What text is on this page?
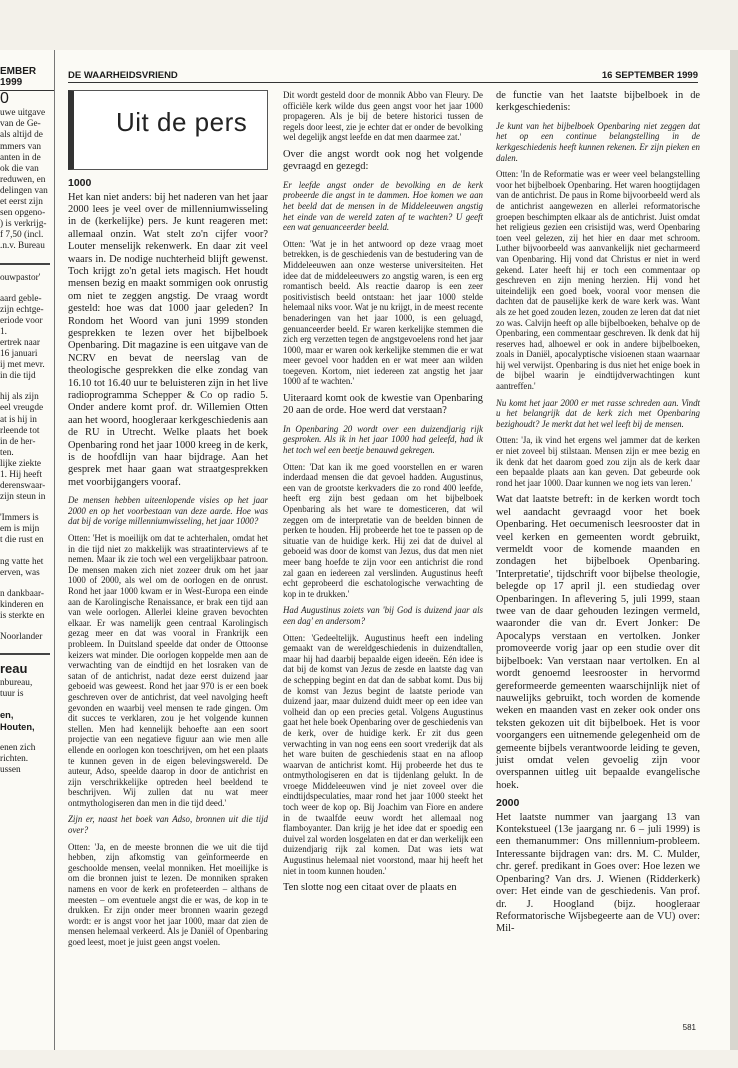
EMBER 1999
0
uwe uitgave
van de Ge-
als altijd de
mmers van
anten in de
ok die van
reduwen, en
delingen van
et eerst zijn
sen opgeno-
) is verkrijg-
f 7,50 (incl.
.n.v. Bureau
ouwpastor'
aard geble-
zijn echtge-
eriode voor
1.
ertrek naar
16 januari
ij met mevr.
in die tijd
hij als zijn
eel vreugde
at is hij in
rleende tot
in de her-
ten.
lijke ziekte
1. Hij heeft
derenswaar-
zijn steun in
'Immers is
em is mijn
t die rust en
ng vatte het
erven, was
n dankbaar-
kinderen en
is sterkte en
Noorlander
reau
nbureau,
tuur is
en,
Houten,
enen zich
richten.
ussen
DE WAARHEIDSVRIEND	16 SEPTEMBER 1999
Uit de pers
1000

Het kan niet anders: bij het naderen van het jaar 2000 lees je veel over de millenniumwisseling in de (kerkelijke) pers. Je kunt reageren met: allemaal onzin. Wat stelt zo'n cijfer voor? Louter menselijk rekenwerk. En daar zit veel waars in. De nodige nuchterheid blijft gewenst. Toch krijgt zo'n getal iets magisch. Het houdt mensen bezig en maakt sommigen ook onrustig om niet te zeggen angstig. De vraag wordt gesteld: hoe was dat 1000 jaar geleden? In Rondom het Woord van juni 1999 stonden gesprekken te lezen over het bijbelboek Openbaring. Dit magazine is een uitgave van de NCRV en bevat de neerslag van de theologische gesprekken die elke zondag van 16.10 tot 16.40 uur te beluisteren zijn in het live radioprogramma Schepper & Co op radio 5. Onder andere komt prof. dr. Willemien Otten aan het woord, hoogleraar kerkgeschiedenis aan de RU in Utrecht. Welke plaats het boek Openbaring rond het jaar 1000 kreeg in de kerk, is de hoofdlijn van haar bijdrage. Aan het gesprek met haar gaan wat straatgesprekken met voorbijgangers vooraf.

De mensen hebben uiteenlopende visies op het jaar 2000 en op het voorbestaan van deze aarde. Hoe was dat bij de vorige millenniumwisseling, het jaar 1000?

Otten: 'Het is moeilijk om dat te achterhalen, omdat het in die tijd niet zo makkelijk was straatinterviews af te nemen. Maar ik zie toch wel een vergelijkbaar patroon. De mensen maken zich niet zozeer druk om het jaar 1000 of 2000, als wel om de oorlogen en de onrust. Rond het jaar 1000 kwam er in West-Europa een einde aan de Karolingische Renaissance, er brak een tijd aan van wele oorlogen. Allerlei kleine graven bevochten elkaar. Er was namelijk geen centraal Karolingisch gezag meer en dat was vooral in Frankrijk een probleem. In Duitsland speelde dat onder de Ottoonse keizers wat minder. Die oorlogen koppelde men aan de verwachting van de eindtijd en het losraken van de satan of de antichrist, nadat deze eerst duizend jaar geboeid was geweest. Rond het jaar 970 is er een boek geschreven over de antichrist, dat veel navolging heeft gevonden en waarbij veel mensen te rade gingen. Om dit succes te verklaren, zou je het volgende kunnen stellen. Men had kennelijk behoefte aan een soort projectie van een negatieve figuur aan wie men alle ellende en oorlogen kon toeschrijven, om het een plaats te kunnen geven in de eigen belevingswereld. De auteur, Adso, speelde daarop in door de antichrist en zijn verschrikkelijke optreden heel beeldend te beschrijven. Wij zullen dat nu wat meer ontmythologiseren dan men in die tijd deed.'

Zijn er, naast het boek van Adso, bronnen uit die tijd over?

Otten: 'Ja, en de meeste bronnen die we uit die tijd hebben, zijn afkomstig van geïnformeerde en geschoolde mensen, veelal monniken. Het moeilijke is om die bronnen juist te lezen. De monniken spraken namens en voor de kerk en profeteerden – althans de meesten – om eventuele angst die er was, de kop in te drukken. Er zijn onder meer bronnen waarin gezegd wordt: er is angst voor het jaar 1000, maar dat zien de mensen helemaal verkeerd. Als je Daniël of Openbaring goed leest, moet je juist geen angst voelen.

Dit wordt gesteld door de monnik Abbo van Fleury. De officiële kerk wilde dus geen angst voor het jaar 1000 propageren. Als je bij de betere historici tussen de regels door leest, zie je echter dat er onder de bevolking wel degelijk angst leefde en dat men daarmee zat.'

Over die angst wordt ook nog het volgende gevraagd en gezegd:

Er leefde angst onder de bevolking en de kerk probeerde die angst in te dammen. Hoe komen we aan het beeld dat de mensen in de Middeleeuwen angstig het einde van de wereld zaten af te wachten? U geeft een wat genuanceerder beeld.

Otten: 'Wat je in het antwoord op deze vraag moet betrekken, is de geschiedenis van de bestudering van de Middeleeuwen aan onze westerse universiteiten. Het idee dat de middeleeuwers zo angstig waren, is een erg romantisch beeld. Als reactie daarop is een zeer positivistisch beeld ontstaan: het jaar 1000 stelde helemaal niks voor. Wat je nu krijgt, in de meest recente benaderingen van het jaar 1000, is een geluagd, genuanceerder beeld. Er waren kerkelijke stemmen die zich erg verzetten tegen de angstgevoelens rond het jaar 1000, maar er waren ook kerkelijke stemmen die er wat meer gevoel voor hadden en er wat meer aan wilden toegeven. Kortom, niet iedereen zat angstig het jaar 1000 af te wachten.'

Uiteraard komt ook de kwestie van Openbaring 20 aan de orde. Hoe werd dat verstaan?

In Openbaring 20 wordt over een duizendjarig rijk gesproken. Als ik in het jaar 1000 had geleefd, had ik het toch wel een beetje benauwd gekregen.

Otten: 'Dat kan ik me goed voorstellen en er waren inderdaad mensen die dat gevoel hadden. Augustinus, een van de grootste kerkvaders die zo rond 400 leefde, heeft erg zijn best gedaan om het bijbelboek Openbaring als het ware te domesticeren, dat wil zeggen om de interpretatie van de beelden binnen de perken te houden. Hij probeerde het toe te passen op de situatie van de huidige kerk. Hij zei dat de duivel al geboeid was door de komst van Jezus, dus dat men niet meer bang hoefde te zijn voor een antichrist die rond zal gaan en iedereen zal verslinden. Augustinus heeft echt geprobeerd die eschatologische verwachting de kop in te drukken.'

Had Augustinus zoiets van 'bij God is duizend jaar als een dag' en andersom?

Otten: 'Gedeeltelijk. Augustinus heeft een indeling gemaakt van de wereldgeschiedenis in duizendtallen, maar hij had daarbij bepaalde eigen ideeën. Eén idee is dat bij de komst van Jezus de zesde en laatste dag van de schepping begint en dat dan de sabbat komt. Dus bij de komst van Jezus begint de laatste periode van duizend jaar, maar duizend duidt meer op een idee van volheid dan op een precies getal. Volgens Augustinus gaat het hele boek Openbaring over de geschiedenis van de kerk, over de huidige kerk. Er zit dus geen verwachting in van nog eens een soort vrederijk dat als het ware buiten de geschiedenis staat en na afloop waarvan de antichrist komt. Hij probeerde het dus te ontmythologiseren en dat is tijdenlang gelukt. In de vroege Middeleeuwen vind je niet zoveel over die eindtijdspeculaties, maar rond het jaar 1000 steekt het toch weer de kop op. Bij Joachim van Fiore en andere in de twaalfde eeuw wordt het allemaal nog flamboyanter. Dan krijg je het idee dat er spoedig een duivel zal worden losgelaten en dat er dan werkelijk een duizendjarig rijk zal komen. Dat was iets wat Augustinus helemaal niet voorstond, maar hij heeft het niet in toom kunnen houden.'

Ten slotte nog een citaat over de plaats en

de functie van het laatste bijbelboek in de kerkgeschiedenis:

Je kunt van het bijbelboek Openbaring niet zeggen dat het op een continue belangstelling in de kerkgeschiedenis heeft kunnen rekenen. Er zijn pieken en dalen.

Otten: 'In de Reformatie was er weer veel belangstelling voor het bijbelboek Openbaring. Het waren hoogtijdagen van de antichrist. De paus in Rome bijvoorbeeld werd als de antichrist aangewezen en allerlei reformatorische groepen beschimpten elkaar als de antichrist. Juist omdat het religieus gezien een crisistijd was, werd Openbaring toen veel gelezen, zij het hier en daar met schroom. Luther bijvoorbeeld was aanvankelijk niet gecharmeerd van Openbaring. Hij vond dat Christus er niet in werd gekend. Later heeft hij er toch een commentaar op geschreven en zijn mening herzien. Hij vond het uiteindelijk een goed boek, vooral voor mensen die dachten dat de pauselijke kerk de ware kerk was. Want als ze het goed zouden lezen, zouden ze leren dat dat niet zo was. Calvijn heeft op alle bijbelboeken, behalve op de Openbaring, een commentaar geschreven. Ik denk dat hij reserves had, alhoewel er ook in andere bijbelboeken, zoals in Daniël, apocalyptische visioenen staan waarnaar hij wel verwijst. Openbaring is dus niet het enige boek in de bijbel waarin je eindtijdverwachtingen kunt aantreffen.'

Nu komt het jaar 2000 er met rasse schreden aan. Vindt u het belangrijk dat de kerk zich met Openbaring bezighoudt? Je merkt dat het wel leeft bij de mensen.

Otten: 'Ja, ik vind het ergens wel jammer dat de kerken er niet zoveel bij stilstaan. Mensen zijn er mee bezig en ik denk dat het daarom goed zou zijn als de kerk daar een bepaalde plaats aan kan geven. Dat gebeurde ook rond het jaar 1000. Daar kunnen we nog iets van leren.'

Wat dat laatste betreft: in de kerken wordt toch wel aandacht gevraagd voor het boek Openbaring. Het oecumenisch leesrooster dat in veel kerken en gemeenten wordt gebruikt, vermeldt voor de komende maanden en zondagen het bijbelboek Openbaring. 'Interpretatie', tijdschrift voor bijbelse theologie, belegde op 17 april jl. een studiedag over Openbaringen. In aflevering 5, juli 1999, staan twee van de daar gehouden lezingen vermeld, waaronder die van dr. Evert Jonker: De Apocalyps verstaan en vertolken. Jonker promoveerde vorig jaar op een studie over dit bijbelboek: Van verstaan naar vertolken. En al wordt genoemd leesrooster in hervormd gereformeerde gemeenten waarschijnlijk niet of nauwelijks gebruikt, toch worden de komende weken en maanden vast en zeker ook onder ons teksten gekozen uit dit bijbelboek. Het is voor voorgangers een uitnemende gelegenheid om de gemeente bijbels verantwoorde leiding te geven, juist omdat velen gevoelig zijn voor overspannen uitleg uit bepaalde evangelische hoek.

2000

Het laatste nummer van jaargang 13 van Kontekstueel (13e jaargang nr. 6 – juli 1999) is een themanummer: Ons millennium-probleem. Interessante bijdragen van: drs. M. C. Mulder, chr. geref. predikant in Goes over: Hoe lezen we Openbaring? Van drs. J. Wienen (Ridderkerk) over: Het einde van de geschiedenis. Van prof. dr. J. Hoogland (bijz. hoogleraar Reformatorische Wijsbegeerte aan de VU) over: Mil-

581
